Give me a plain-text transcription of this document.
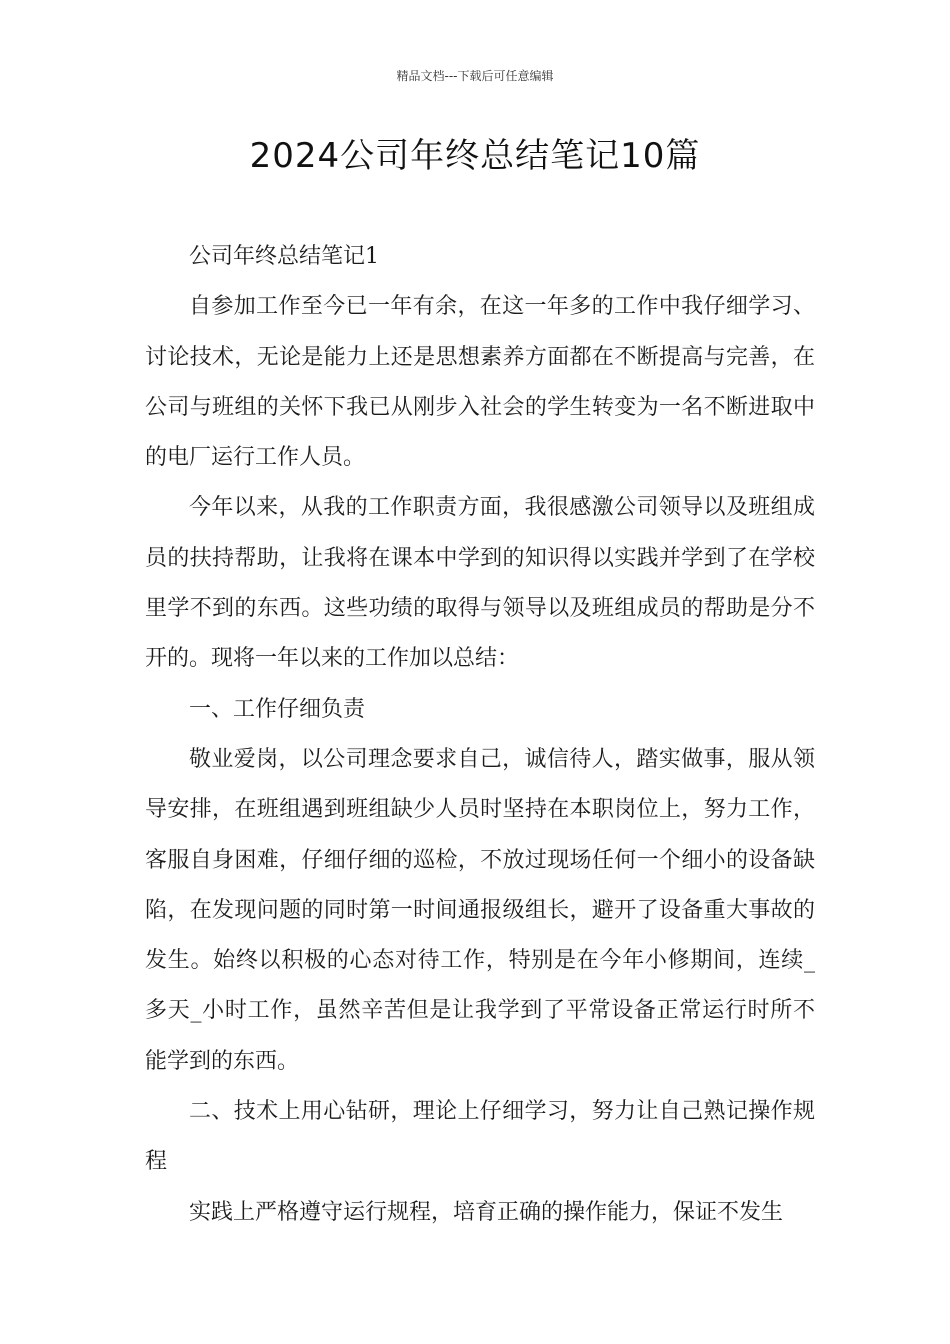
精品文档---下载后可任意编辑
2024公司年终总结笔记10篇

公司年终总结笔记1

自参加工作至今已一年有余，在这一年多的工作中我仔细学习、讨论技术，无论是能力上还是思想素养方面都在不断提高与完善，在公司与班组的关怀下我已从刚步入社会的学生转变为一名不断进取中的电厂运行工作人员。

今年以来，从我的工作职责方面，我很感激公司领导以及班组成员的扶持帮助，让我将在课本中学到的知识得以实践并学到了在学校里学不到的东西。这些功绩的取得与领导以及班组成员的帮助是分不开的。现将一年以来的工作加以总结：

一、工作仔细负责

敬业爱岗，以公司理念要求自己，诚信待人，踏实做事，服从领导安排，在班组遇到班组缺少人员时坚持在本职岗位上，努力工作，客服自身困难，仔细仔细的巡检，不放过现场任何一个细小的设备缺陷，在发现问题的同时第一时间通报级组长，避开了设备重大事故的发生。始终以积极的心态对待工作，特别是在今年小修期间，连续_多天_小时工作，虽然辛苦但是让我学到了平常设备正常运行时所不能学到的东西。

二、技术上用心钻研，理论上仔细学习，努力让自己熟记操作规程

实践上严格遵守运行规程，培育正确的操作能力，保证不发生
